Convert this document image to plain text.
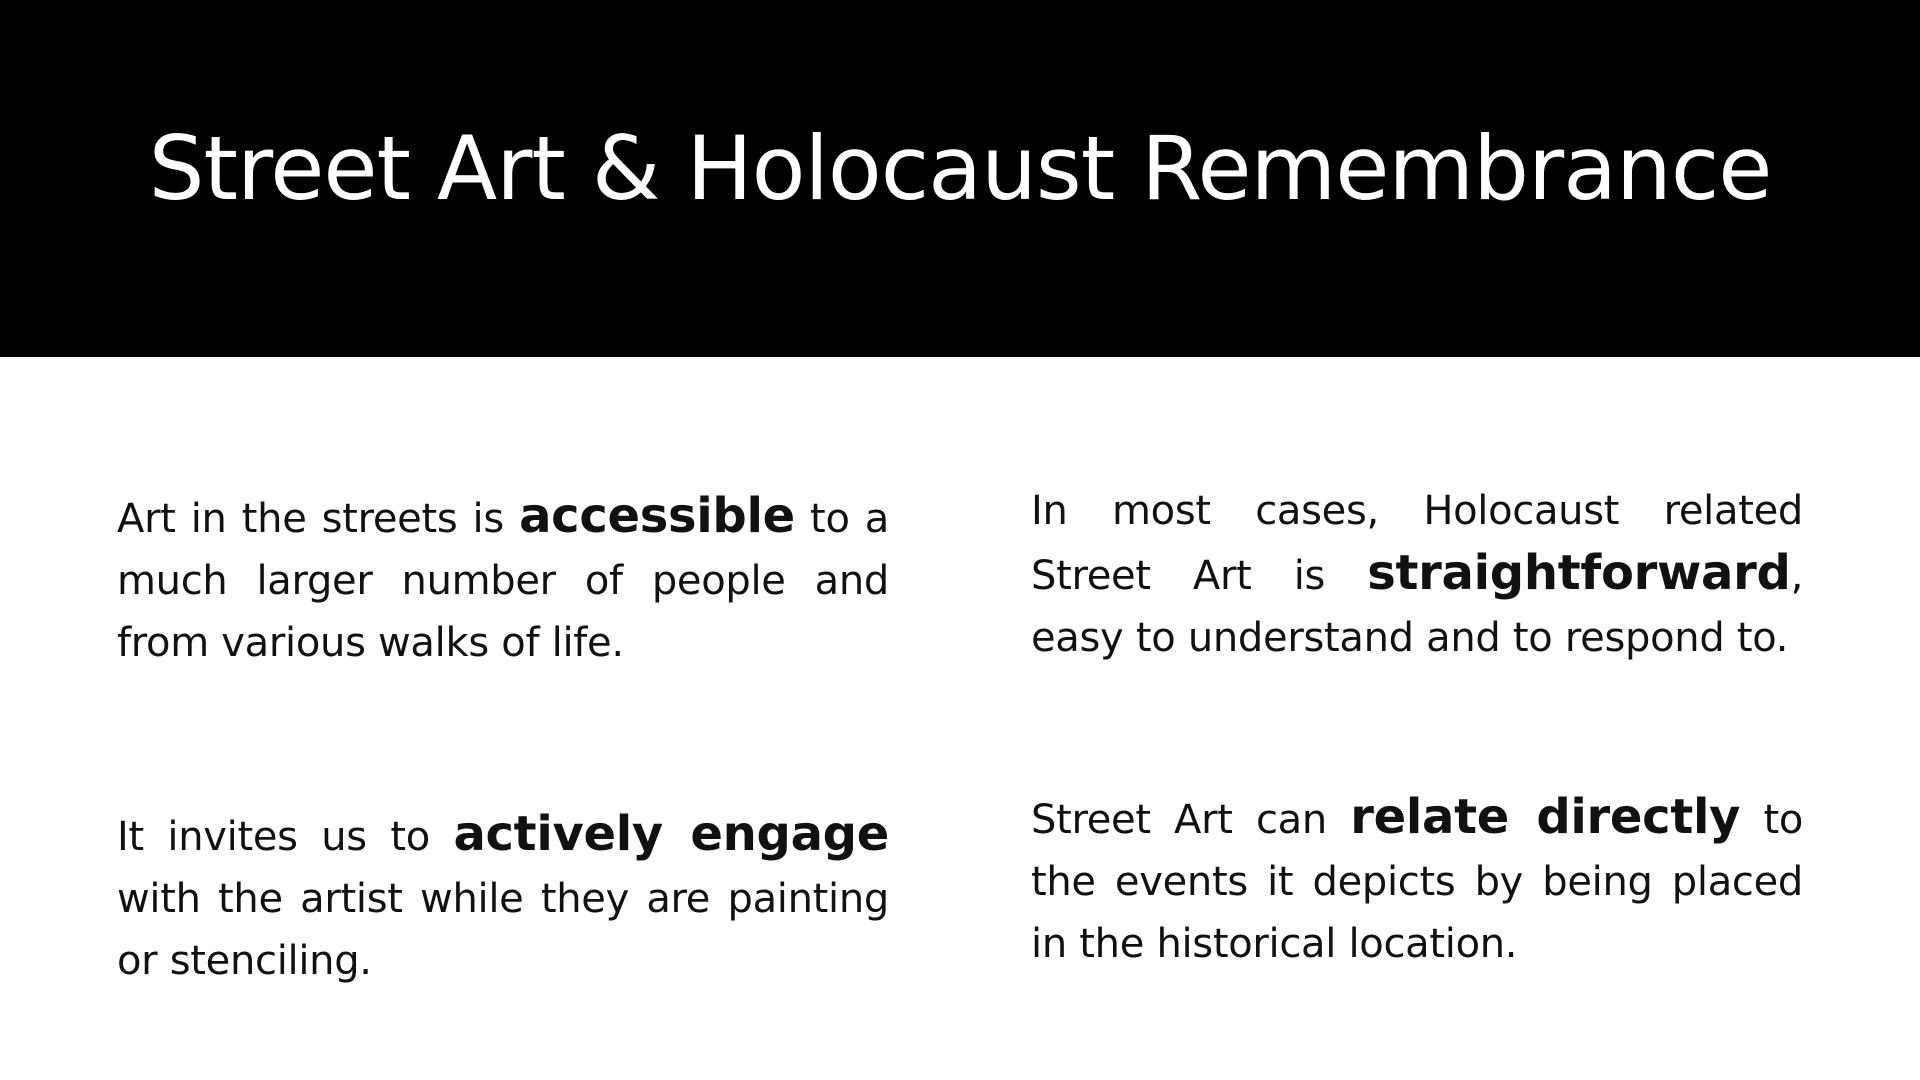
Street Art & Holocaust Remembrance
Art in the streets is accessible to a much larger number of people and from various walks of life.
In most cases, Holocaust related Street Art is straightforward, easy to understand and to respond to.
It invites us to actively engage with the artist while they are painting or stenciling.
Street Art can relate directly to the events it depicts by being placed in the historical location.
